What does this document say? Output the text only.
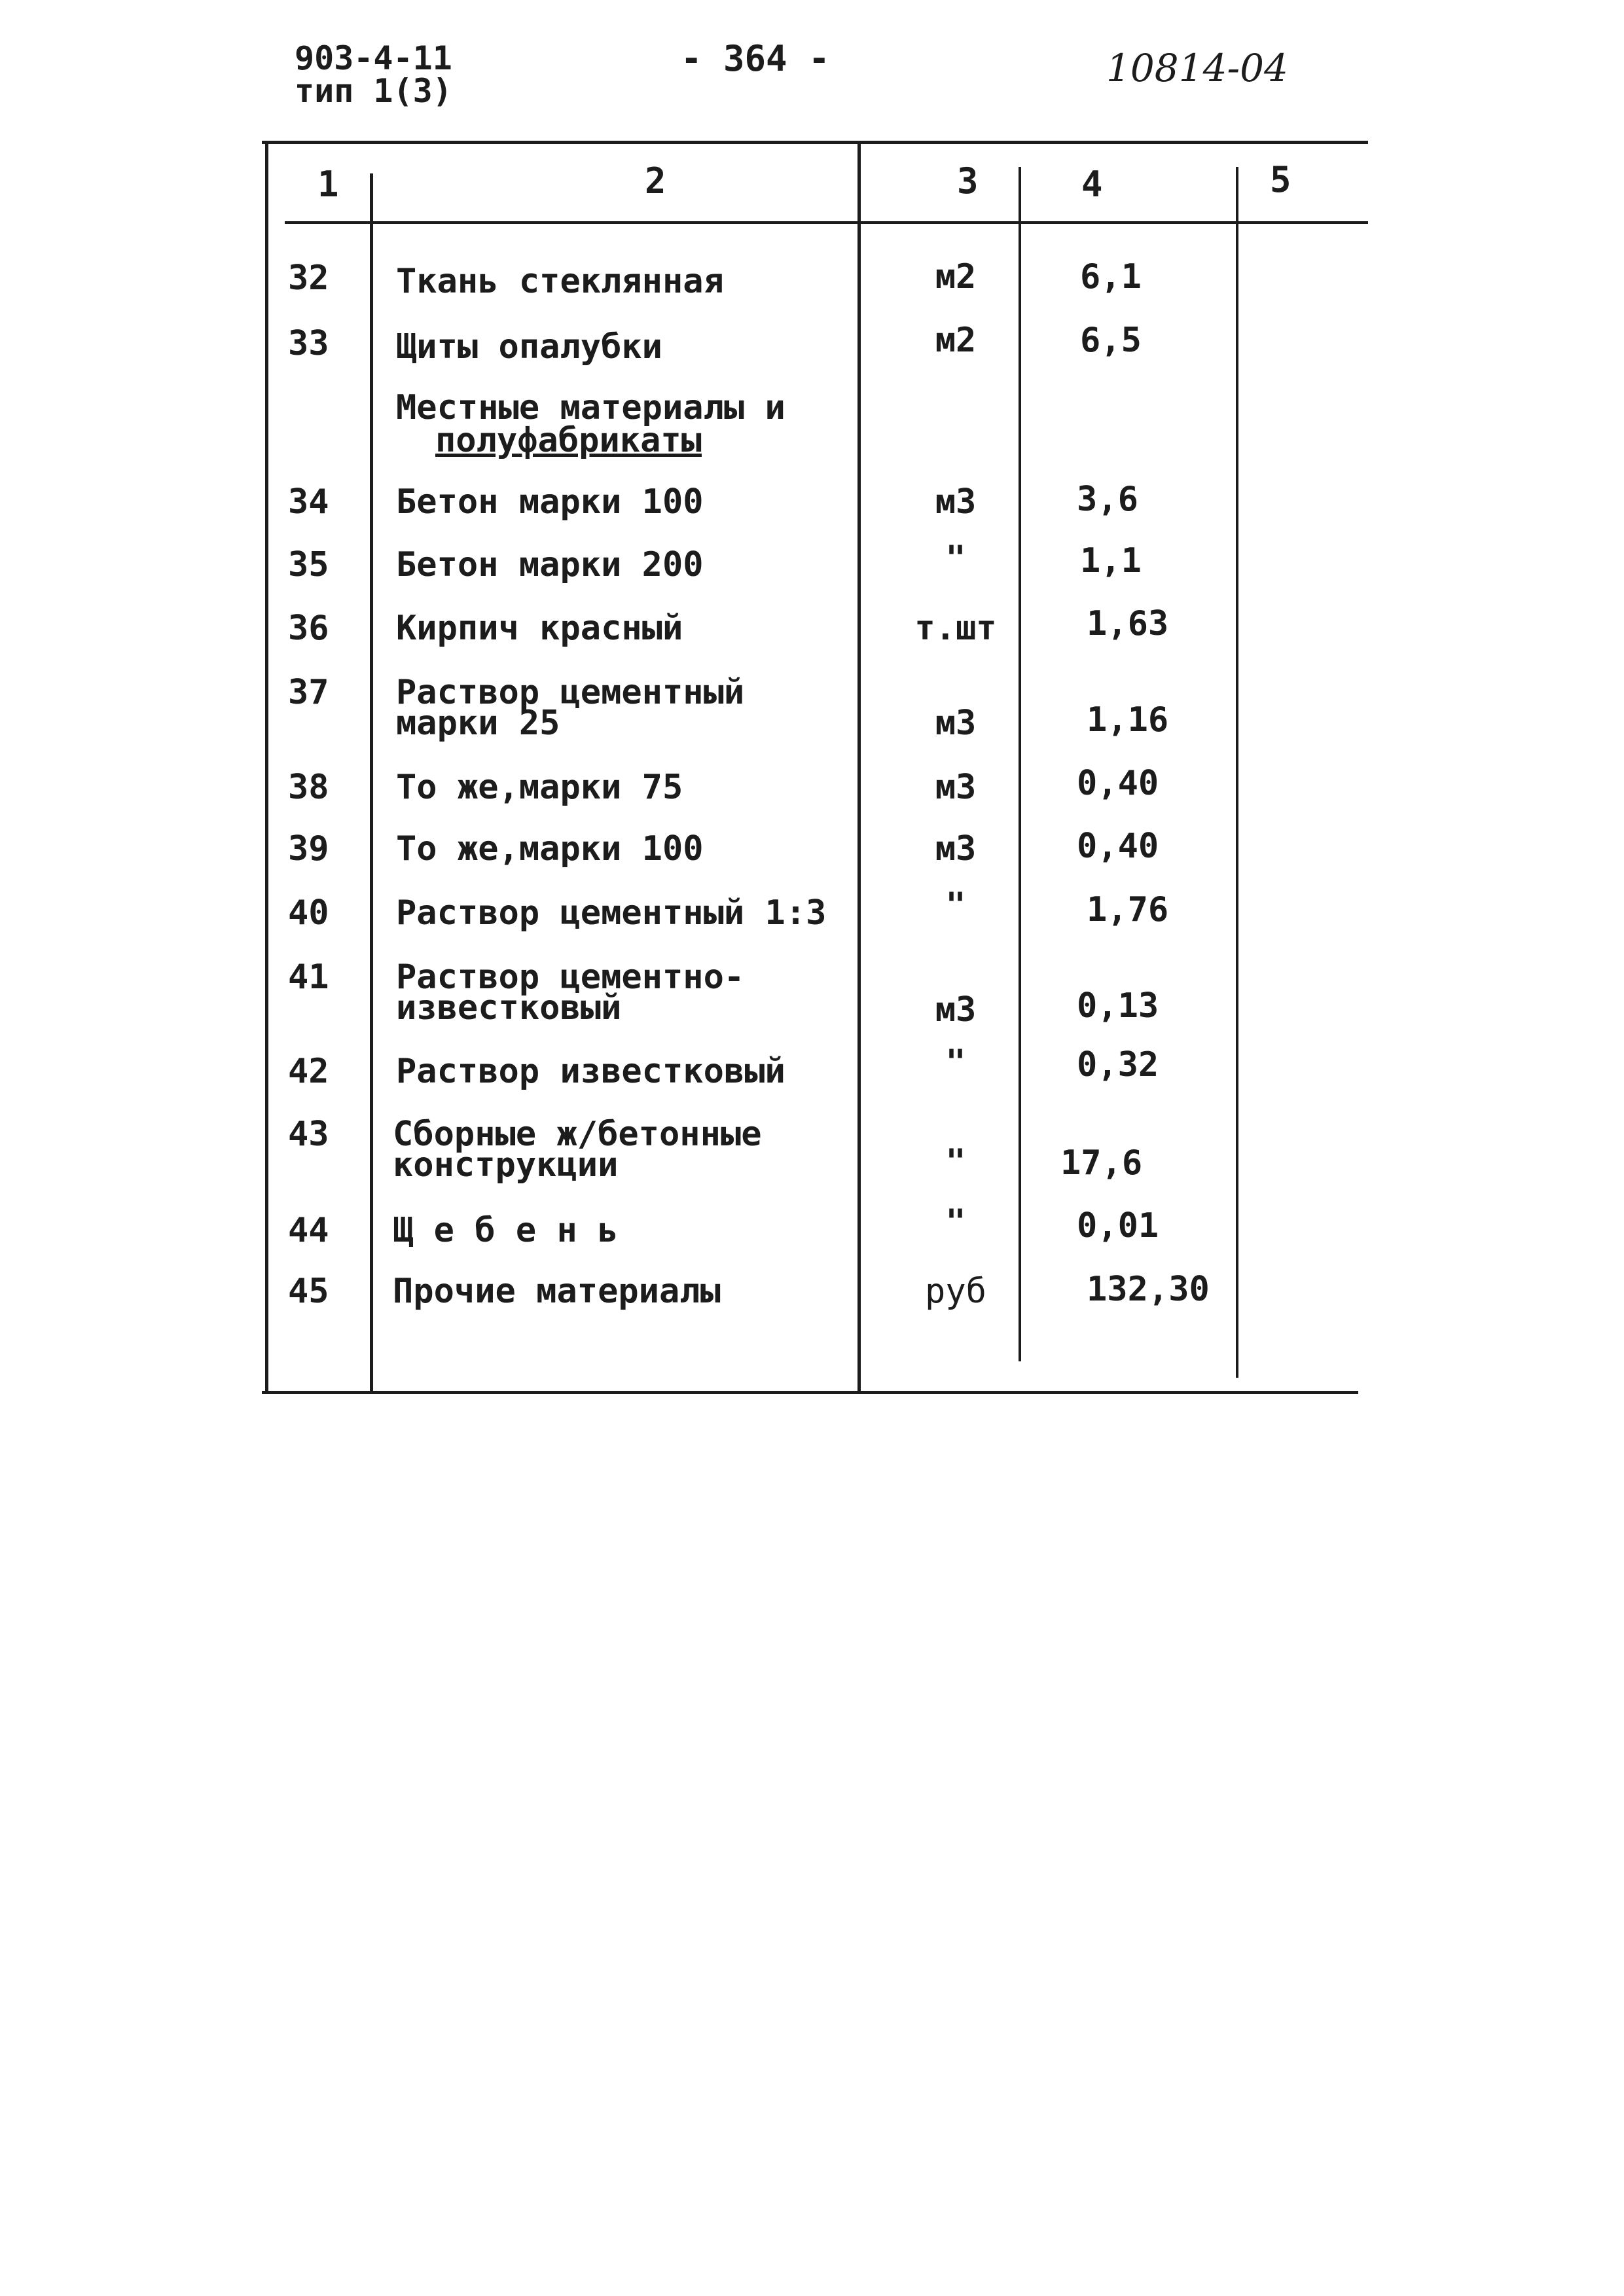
903-4-11
тип 1(3)
- 364 -	10814-04
1	2	3	4	5
32 Ткань стеклянная	м2	6,1
33 Щиты опалубки	м2	6,5
Местные материалы и
полуфабрикаты
34 Бетон марки 100	м3	3,6
35 Бетон марки 200	"	1,1
36 Кирпич красный	т.шт	1,63
37 Раствор цементный
марки 25	м3	1,16
38 То же,марки 75	м3	0,40
39 То же,марки 100	м3	0,40
40 Раствор цементный 1:3	"	1,76
41 Раствор цементно-
известковый	м3	0,13
42 Раствор известковый	"	0,32
43 Сборные ж/бетонные
конструкции	"	17,6
44 Щ е б е н ь	"	0,01
45 Прочие материалы	руб	132,30
